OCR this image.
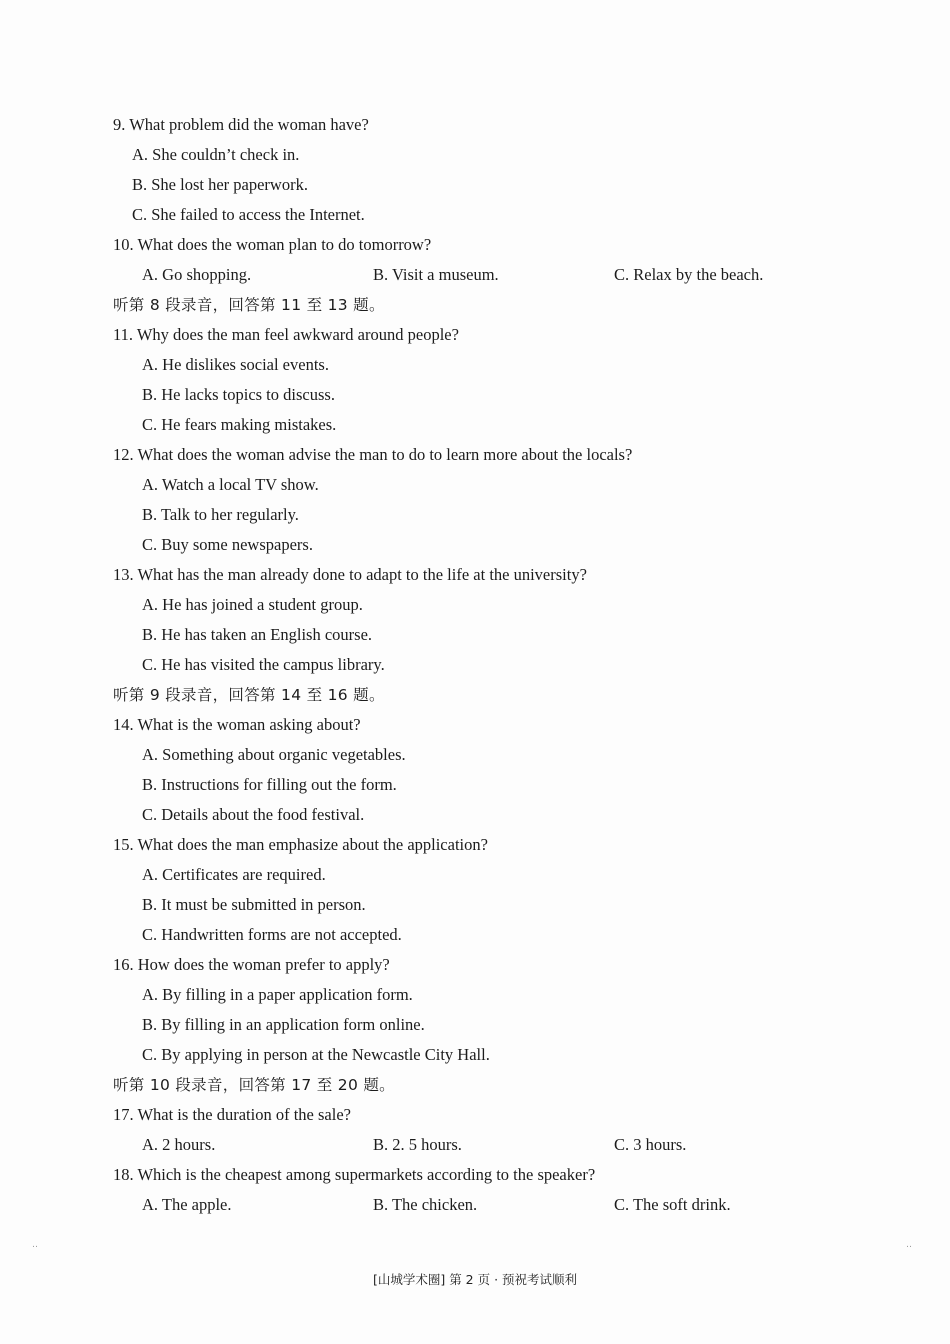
9. What problem did the woman have?
A. She couldn’t check in.
B. She lost her paperwork.
C. She failed to access the Internet.
10. What does the woman plan to do tomorrow?
A. Go shopping.	B. Visit a museum.	C. Relax by the beach.
听第 8 段录音，回答第 11 至 13 题。
11. Why does the man feel awkward around people?
A. He dislikes social events.
B. He lacks topics to discuss.
C. He fears making mistakes.
12. What does the woman advise the man to do to learn more about the locals?
A. Watch a local TV show.
B. Talk to her regularly.
C. Buy some newspapers.
13. What has the man already done to adapt to the life at the university?
A. He has joined a student group.
B. He has taken an English course.
C. He has visited the campus library.
听第 9 段录音，回答第 14 至 16 题。
14. What is the woman asking about?
A. Something about organic vegetables.
B. Instructions for filling out the form.
C. Details about the food festival.
15. What does the man emphasize about the application?
A. Certificates are required.
B. It must be submitted in person.
C. Handwritten forms are not accepted.
16. How does the woman prefer to apply?
A. By filling in a paper application form.
B. By filling in an application form online.
C. By applying in person at the Newcastle City Hall.
听第 10 段录音，回答第 17 至 20 题。
17. What is the duration of the sale?
A. 2 hours.	B. 2. 5 hours.	C. 3 hours.
18. Which is the cheapest among supermarkets according to the speaker?
A. The apple.	B. The chicken.	C. The soft drink.
‥	‥
[山城学术圈] 第 2 页 · 预祝考试顺利
